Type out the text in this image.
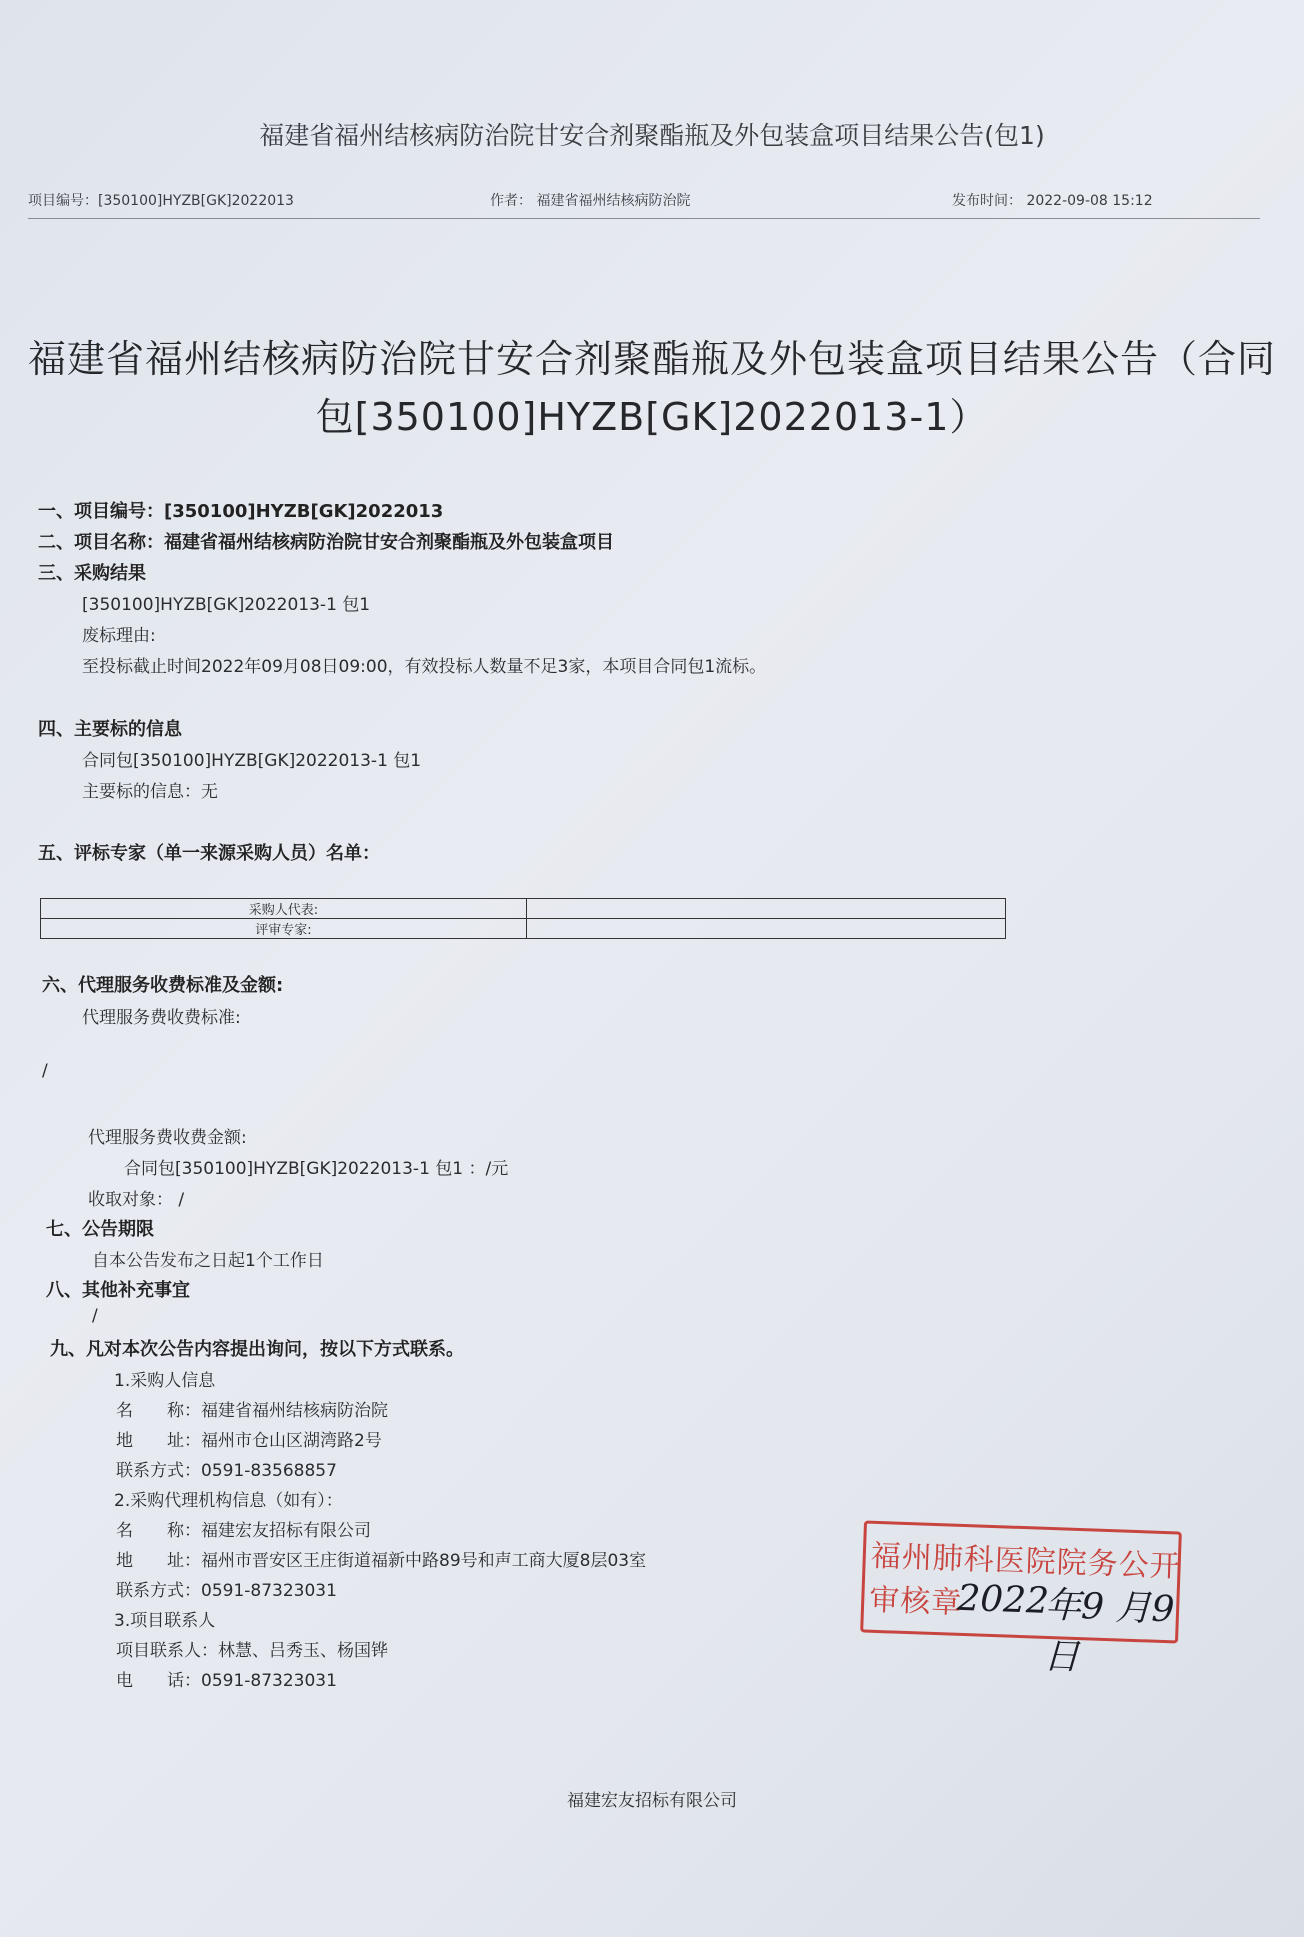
福建省福州结核病防治院甘安合剂聚酯瓶及外包装盒项目结果公告(包1)
项目编号：[350100]HYZB[GK]2022013	作者： 福建省福州结核病防治院	发布时间： 2022-09-08 15:12
福建省福州结核病防治院甘安合剂聚酯瓶及外包装盒项目结果公告（合同
包[350100]HYZB[GK]2022013-1）
一、项目编号：[350100]HYZB[GK]2022013
二、项目名称：福建省福州结核病防治院甘安合剂聚酯瓶及外包装盒项目
三、采购结果
[350100]HYZB[GK]2022013-1 包1
废标理由:
至投标截止时间2022年09月08日09:00，有效投标人数量不足3家，本项目合同包1流标。
四、主要标的信息
合同包[350100]HYZB[GK]2022013-1 包1
主要标的信息：无
五、评标专家（单一来源采购人员）名单：
采购人代表:	
评审专家:	
六、代理服务收费标准及金额:
代理服务费收费标准:
/
代理服务费收费金额:
合同包[350100]HYZB[GK]2022013-1 包1 ：/元
收取对象： /
七、公告期限
自本公告发布之日起1个工作日
八、其他补充事宜
/
九、凡对本次公告内容提出询问，按以下方式联系。
1.采购人信息
名　　称：福建省福州结核病防治院
地　　址：福州市仓山区湖湾路2号
联系方式：0591-83568857
2.采购代理机构信息（如有）：
名　　称：福建宏友招标有限公司
地　　址：福州市晋安区王庄街道福新中路89号和声工商大厦8层03室
联系方式：0591-87323031
3.项目联系人
项目联系人：林慧、吕秀玉、杨国铧
电　　话：0591-87323031
福州肺科医院院务公开审核章
2022
年9 月9 日
福建宏友招标有限公司
